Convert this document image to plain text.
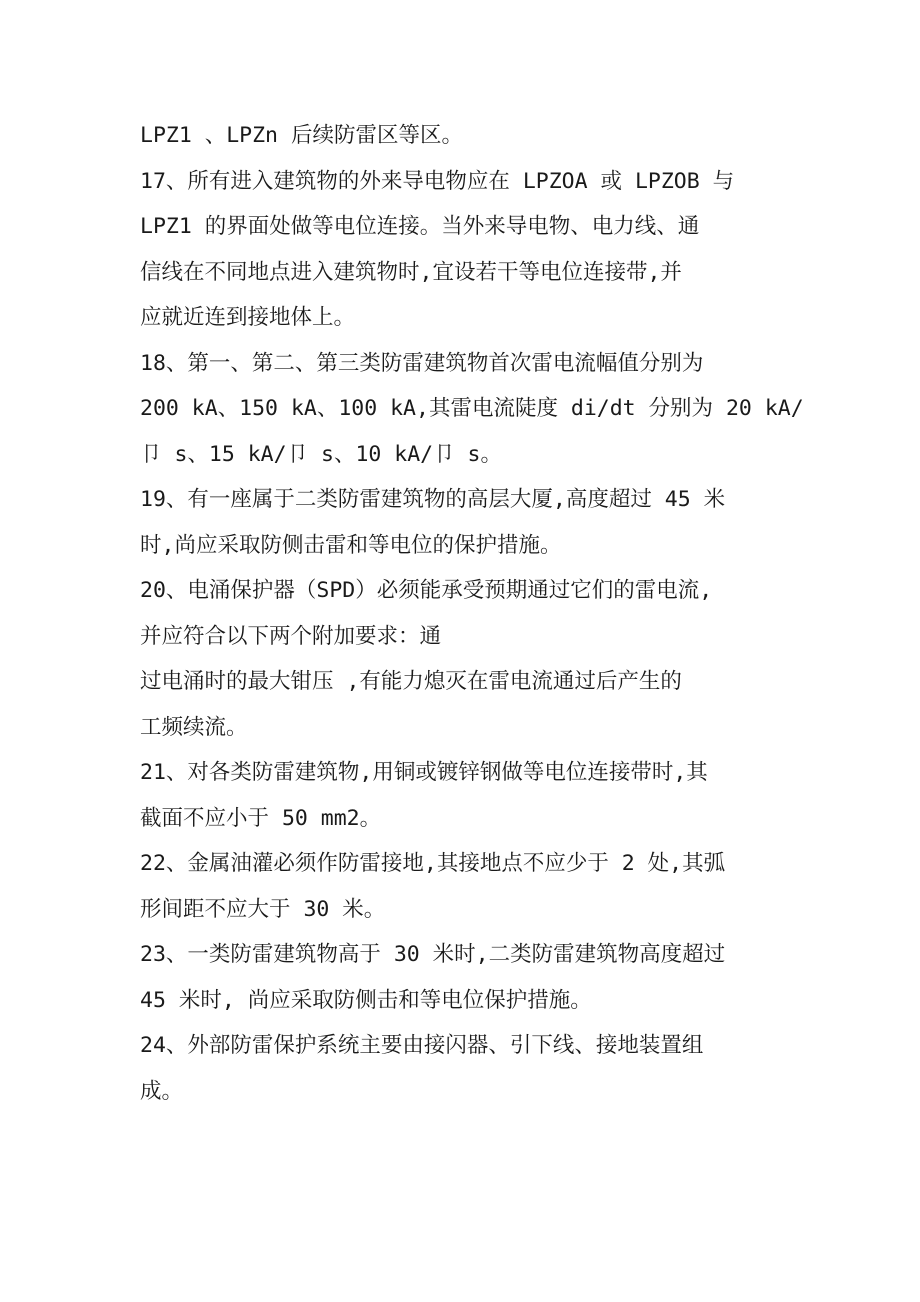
LPZ1 、LPZn 后续防雷区等区。
17、所有进入建筑物的外来导电物应在 LPZOA 或 LPZOB 与
LPZ1 的界面处做等电位连接。当外来导电物、电力线、通
信线在不同地点进入建筑物时,宜设若干等电位连接带,并
应就近连到接地体上。
18、第一、第二、第三类防雷建筑物首次雷电流幅值分别为
200 kA、150 kA、100 kA,其雷电流陡度 di/dt 分别为 20 kA/
卩 s、15 kA/卩 s、10 kA/卩 s。
19、有一座属于二类防雷建筑物的高层大厦,高度超过 45 米
时,尚应采取防侧击雷和等电位的保护措施。
20、电涌保护器（SPD）必须能承受预期通过它们的雷电流,
并应符合以下两个附加要求：通
过电涌时的最大钳压 ,有能力熄灭在雷电流通过后产生的
工频续流。
21、对各类防雷建筑物,用铜或镀锌钢做等电位连接带时,其
截面不应小于 50 mm2。
22、金属油灌必须作防雷接地,其接地点不应少于 2 处,其弧
形间距不应大于 30 米。
23、一类防雷建筑物高于 30 米时,二类防雷建筑物高度超过
45 米时, 尚应采取防侧击和等电位保护措施。
24、外部防雷保护系统主要由接闪器、引下线、接地装置组
成。
